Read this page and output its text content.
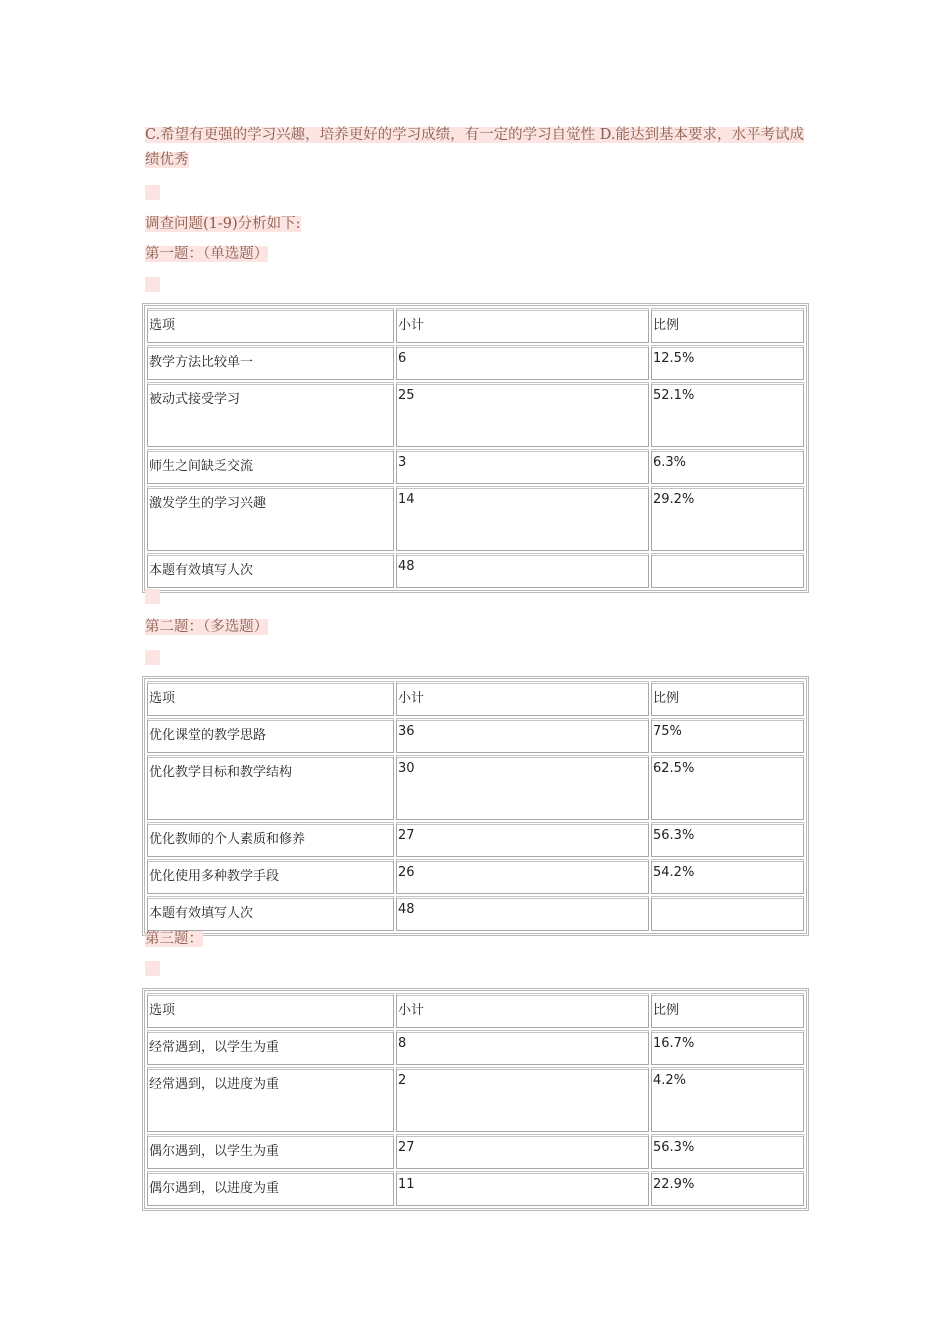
C.希望有更强的学习兴趣，培养更好的学习成绩，有一定的学习自觉性 D.能达到基本要求，水平考试成绩优秀
调查问题(1-9)分析如下:
第一题：（单选题）
选项	小计	比例
教学方法比较单一	6	12.5%
被动式接受学习	25	52.1%
师生之间缺乏交流	3	6.3%
激发学生的学习兴趣	14	29.2%
本题有效填写人次	48	
第二题：（多选题）
选项	小计	比例
优化课堂的教学思路	36	75%
优化教学目标和教学结构	30	62.5%
优化教师的个人素质和修养	27	56.3%
优化使用多种教学手段	26	54.2%
本题有效填写人次	48	
第三题：
选项	小计	比例
经常遇到，以学生为重	8	16.7%
经常遇到，以进度为重	2	4.2%
偶尔遇到，以学生为重	27	56.3%
偶尔遇到，以进度为重	11	22.9%
